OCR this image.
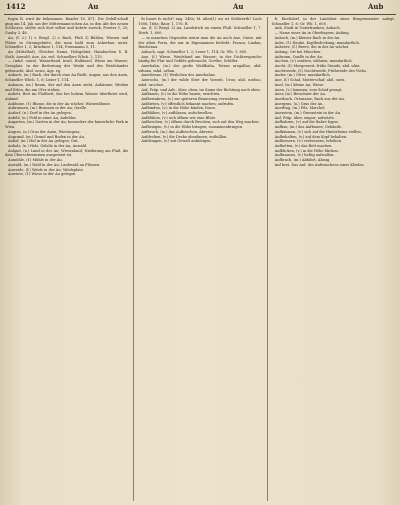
1412	Au	Au	Aub

fugen B. wird ihr bekommen. Baader 18, 471; Die Gefell-schaft ging am 14. Juli aus der Mittermann'schen Au, in den Abt des neuen Schlosses, stellte sich dort selbst und kehrte zurück, Forster 1, 25; Gauby 3, 48.

Au, (f. 2.) 1) v. Bergl. 2) v. Bach, Fluß 3) Bühlen, Wiesen und Plätze in Stromgebiete, die man bald zum Ackerbau nutzt. Schmeller 1, 2; Brückner 1, 114; Frommann 5, 11.

Au (Mittelhof), Gleiches Name, Holzgebiet, Hainbuchen 4. B. Noth, Auwald; Aue, Au, wel. Schmellers Wbch. 2, 115.

— (mhd. ouwe), Wasserland, Insel, Halbinsel, Wiese am Wasser; Grasplatz. In der Bedeutung der Weide und des Weidelandes gebraucht, Ahd. ouwa, Ags. eg.

Aubach, (m.) Bach, der durch eine Au fließt, Augen; aus den Auen, Schmeller Wbch. 1, 6; Lexer 1, 114.

Aubaum, (m.) Baum, der auf den Auen steht, Aubäume; Weiden und Erlen, die am Ufer stehen.

Aubett, Bett im Flußbett, das bei hohem Wasser überflutet wird, Auland.

Aublume, (f.) Blume, die in der Au wächst; Wiesenblume.

Aubrunnen, (m.) Brunnen in der Au; Quelle.

Audorf, (n.) Dorf in der Au gelegen.

Aufeld, (n.) Feld in einer Au, Aufelder.

Augarten, (m.) Garten in der Au; besonders der kaiserliche Park in Wien.

Augras, (n.) Gras der Auen, Wiesengras.

Augrund, (m.) Grund und Boden in der Au.

Auhof, (m.) Hof in der Au gelegen; Gut.

Auholz, (n.) Holz, Gehölz in der Au, Auwald.

Auland, (n.) Land in der Au; Wiesenland; Niederung am Fluß, die dem Überschwemmen ausgesetzt ist.

Aumühle, (f.) Mühle in der Au.

Auwald, (m.) Wald in der Au; Laubwald an Flüssen.

Auweide, (f.) Weide in der Au; Weideplatz.

Auwiese, (f.) Wiese in der Au gelegen.

fo bauet fo nicht? ang. 348a; M. altes(l.) wo ist Geldwerth? Loch 1006, 166a; Baur. 1, 176. B.

Au, (f. 1) Bergl. 2) Au, Landstrich an einem Fluß. Schmeller 1, 7. Dtwb. 1, 600.

— in manchen Gegenden nennt man die Au auch Aue, Ouwe, mit der alten Form, die nur in Eigennamen fortlebt: Passau, Lindau, Reichenau.

Aubach, sagt. Schmeller 1, 2; Lexer 1, 114; Gr. Wb. 1, 600.

Aue, (f.) Wiese, Weideland am Wasser; in der Dichtersprache häufig für Flur und Gefilde gebraucht, Goethe; Schiller.

Auerhahn, (m.) der große Waldhahn, Tetrao urogallus; ahd. urhano, mhd. urhan.

Auerhenne, (f.) Weibchen des Auerhahns.

Auerochs, (m.) der wilde Stier der Vorzeit, Urus; ahd. urohso, mhd. urochse.

Auf, Präp. und Adv., über, oben; im Sinne der Richtung nach oben.

Aufbauen, (v.) in die Höhe bauen; errichten.

Aufbewahren, (v.) zur späteren Benutzung verwahren.

Aufbieten, (v.) öffentlich bekannt machen; aufrufen.

Aufbinden, (v.) in die Höhe binden; lösen.

Aufblähen, (v.) aufblasen, aufschwellen.

Aufblühen, (v.) sich öffnen wie eine Blüte.

Aufbrechen, (v.) öffnen durch Brechen; sich auf den Weg machen.

Aufbringen, (v.) in die Höhe bringen; zusammenbringen.

Aufbruch, (m.) das Aufbrechen, Abreise.

Aufdecken, (v.) die Decke abnehmen; enthüllen.

Aufdringen, (v.) mit Gewalt aufnötigen.

fi. Kirchdorf, in der Landshut einer Bürgermeister anlegt. Schmeller 1, 6; Gr. Wb. 1, 600.

Aub, Stadt in Unterfranken; Aubach.

— Name einer Au in Oberbayern; Aubing.

Aubach, (m.) kleiner Bach in der Au.

Aube, (f.) Haube, Kopfbedeckung; mundartlich.

Aubeere, (f.) Beere, die in der Au wächst.

Aubing, Ort bei München.

Aubrunn, Quelle in der Au.

Auchen, (v.) seufzen, stöhnen; mundartlich.

Aucht, (f.) Morgenzeit, frühe Stunde; ahd. uhta.

Auchtweide, (f.) Nachtweide, Frühweide des Viehs.

Auder, (m.) Otter; mundartlich.

Aue, (f.) Schaf, Mutterschaf; ahd. ouwi.

Auel, (m.) kleine Au; Wiese.

Auen, (v.) lammen, vom Schaf gesagt.

Auer, (m.) Bewohner der Au.

Auerbach, Ortsname; Bach aus der Au.

Auergras, (n.) Gras der Au.

Auerling, (m.) Pilz, Morchel.

Auerstein, (m.) Grenzstein in der Au.

Auf, Präp. über, empor; aufwärts.

Aufbahren, (v.) auf die Bahre legen.

Aufbau, (m.) das Aufbauen; Gebäude.

Aufbäumen, (v.) sich auf die Hinterbeine stellen.

Aufbehalten, (v.) auf dem Kopf behalten.

Aufbessern, (v.) verbessern; erhöhen.

Aufbetten, (v.) das Bett machen.

Aufblicken, (v.) in die Höhe blicken.

Aufbrausen, (v.) heftig aufwallen.

Aufbruch, (m.) Abfahrt, Abzug.

Auf brei. Das Anf. des Aufwaschens eines Kleides.
